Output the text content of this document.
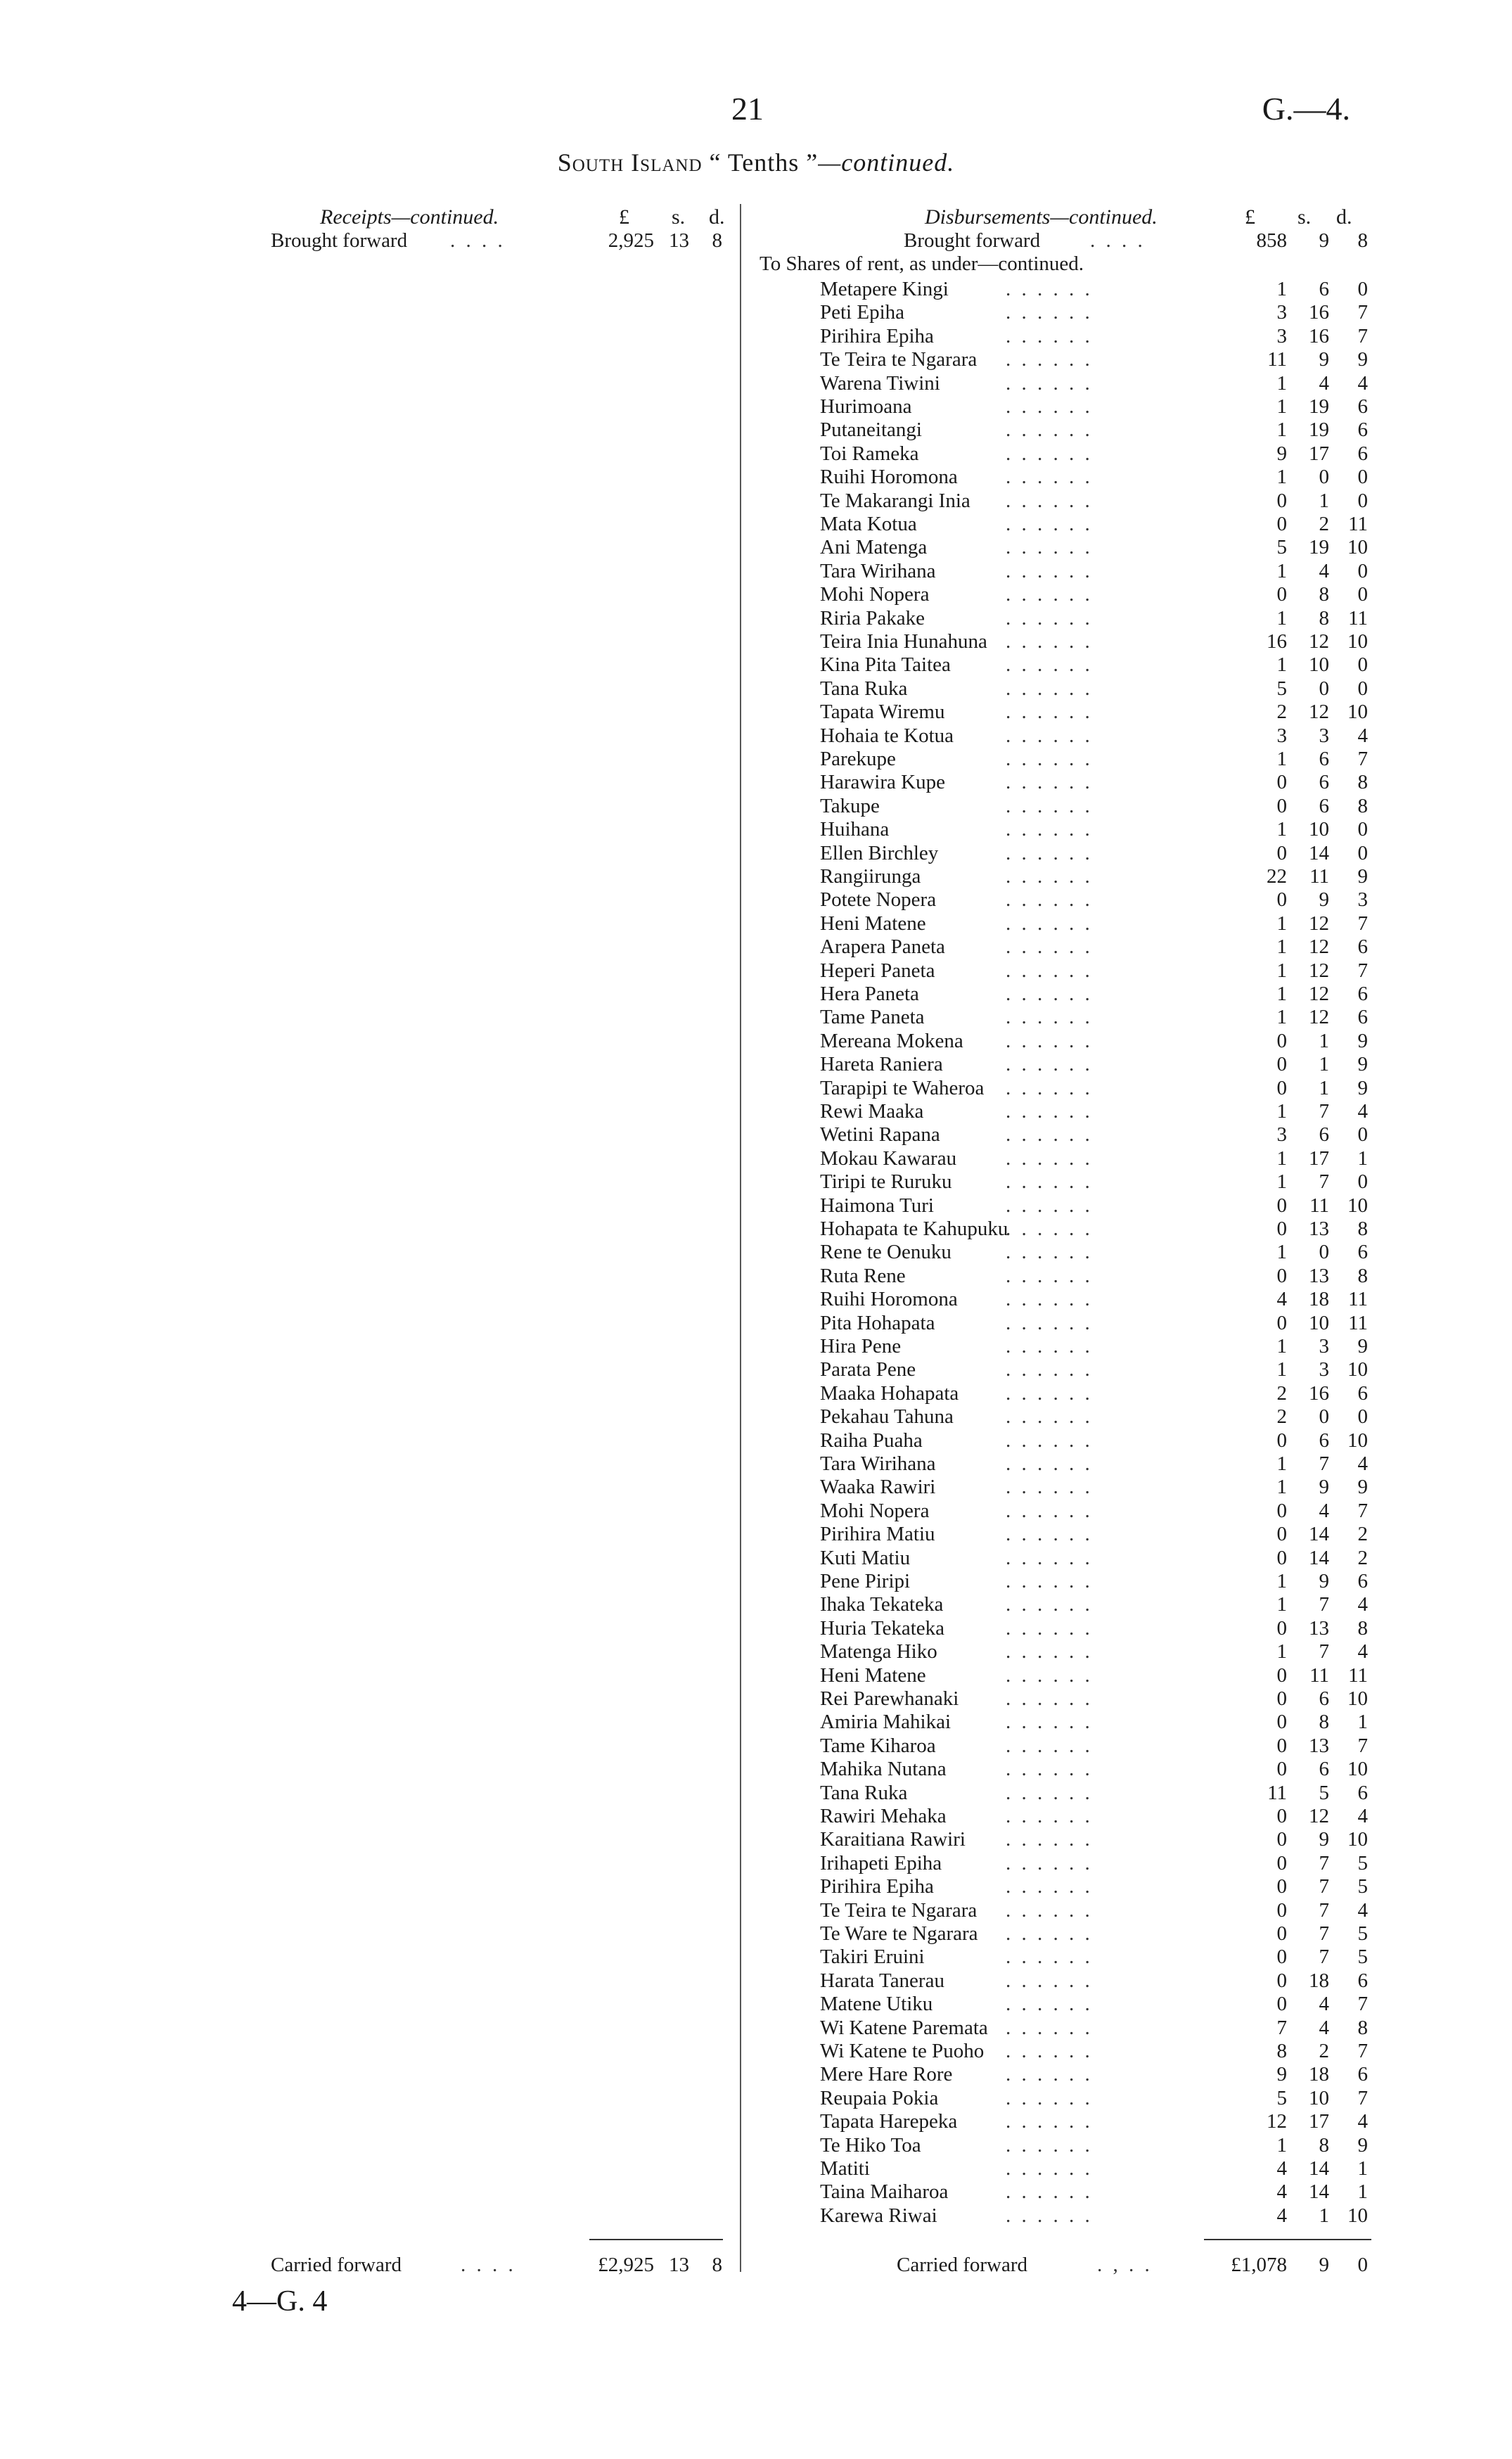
21	G.—4.
South Island “ Tenths ”—continued.
Receipts—continued.	£ s. d.
Brought forward . . . .	2,925 13	8
Disbursements—continued.	£ s. d.
Brought forward . . . .	858	9	8
To Shares of rent, as under—continued.
Metapere Kingi	. . . . . .	1	6	0
Peti Epiha	. . . . . .	3	16	7
Pirihira Epiha	. . . . . .	3	16	7
Te Teira te Ngarara . . . . . .	11	9	9
Warena Tiwini	. . . . . .	1	4	4
Hurimoana	. . . . . .	1	19	6
Putaneitangi	. . . . . .	1	19	6
Toi Rameka	. . . . . .	9	17	6
Ruihi Horomona . . . . . .	1	0	0
Te Makarangi Inia . . . . . .	0	1	0
Mata Kotua	. . . . . .	0	2 11
Ani Matenga	. . . . . .	5	19 10
Tara Wirihana	. . . . . .	1	4	0
Mohi Nopera	. . . . . .	0	8	0
Riria Pakake	. . . . . .	1	8 11
Teira Inia Hunahuna . . . . . .	16	12 10
Kina Pita Taitea	. . . . . .	1	10	0
Tana Ruka	. . . . . .	5	0	0
Tapata Wiremu	. . . . . .	2	12 10
Hohaia te Kotua	. . . . . .	3	3	4
Parekupe	. . . . . .	1	6	7
Harawira Kupe	. . . . . .	0	6	8
Takupe	. . . . . .	0	6	8
Huihana	. . . . . .	1	10	0
Ellen Birchley	. . . . . .	0	14	0
Rangiirunga	. . . . . .	22	11	9
Potete Nopera	. . . . . .	0	9	3
Heni Matene	. . . . . .	1	12	7
Arapera Paneta	. . . . . .	1	12	6
Heperi Paneta	. . . . . .	1	12	7
Hera Paneta	. . . . . .	1	12	6
Tame Paneta	. . . . . .	1	12	6
Mereana Mokena . . . . . .	0	1	9
Hareta Raniera	. . . . . .	0	1	9
Tarapipi te Waheroa . . . . . .	0	1	9
Rewi Maaka	. . . . . .	1	7	4
Wetini Rapana	. . . . . .	3	6	0
Mokau Kawarau . . . . . .	1	17	1
Tiripi te Ruruku	. . . . . .	1	7	0
Haimona Turi	. . . . . .	0	11 10
Hohapata te Kahupuku
. . . . . .	0	13	8
Rene te Oenuku	. . . . . .	1	0	6
Ruta Rene	. . . . . .	0	13	8
Ruihi Horomona . . . . . .	4	18 11
Pita Hohapata	. . . . . .	0	10 11
Hira Pene	. . . . . .	1	3	9
Parata Pene	. . . . . .	1	3 10
Maaka Hohapata . . . . . .	2	16	6
Pekahau Tahuna	. . . . . .	2	0	0
Raiha Puaha	. . . . . .	0	6 10
Tara Wirihana	. . . . . .	1	7	4
Waaka Rawiri	. . . . . .	1	9	9
Mohi Nopera	. . . . . .	0	4	7
Pirihira Matiu	. . . . . .	0	14	2
Kuti Matiu	. . . . . .	0	14	2
Pene Piripi	. . . . . .	1	9	6
Ihaka Tekateka	. . . . . .	1	7	4
Huria Tekateka	. . . . . .	0	13	8
Matenga Hiko	. . . . . .	1	7	4
Heni Matene	. . . . . .	0	11 11
Rei Parewhanaki . . . . . .	0	6 10
Amiria Mahikai	. . . . . .	0	8	1
Tame Kiharoa	. . . . . .	0	13	7
Mahika Nutana	. . . . . .	0	6 10
Tana Ruka	. . . . . .	11	5	6
Rawiri Mehaka	. . . . . .	0	12	4
Karaitiana Rawiri . . . . . .	0	9 10
Irihapeti Epiha	. . . . . .	0	7	5
Pirihira Epiha	. . . . . .	0	7	5
Te Teira te Ngarara . . . . . .	0	7	4
Te Ware te Ngarara . . . . . .	0	7	5
Takiri Eruini	. . . . . .	0	7	5
Harata Tanerau	. . . . . .	0	18	6
Matene Utiku	. . . . . .	0	4	7
Wi Katene Paremata . . . . . .	7	4	8
Wi Katene te Puoho . . . . . .	8	2	7
Mere Hare Rore	. . . . . .	9	18	6
Reupaia Pokia	. . . . . .	5	10	7
Tapata Harepeka . . . . . .	12	17	4
Te Hiko Toa	. . . . . .	1	8	9
Matiti	. . . . . .	4	14	1
Taina Maiharoa	. . . . . .	4	14	1
Karewa Riwai	. . . . . .	4	1 10
Carried forward	. . . .	£2,925 13	8	Carried forward	. , . .	£1,078	9	0
4—G. 4
